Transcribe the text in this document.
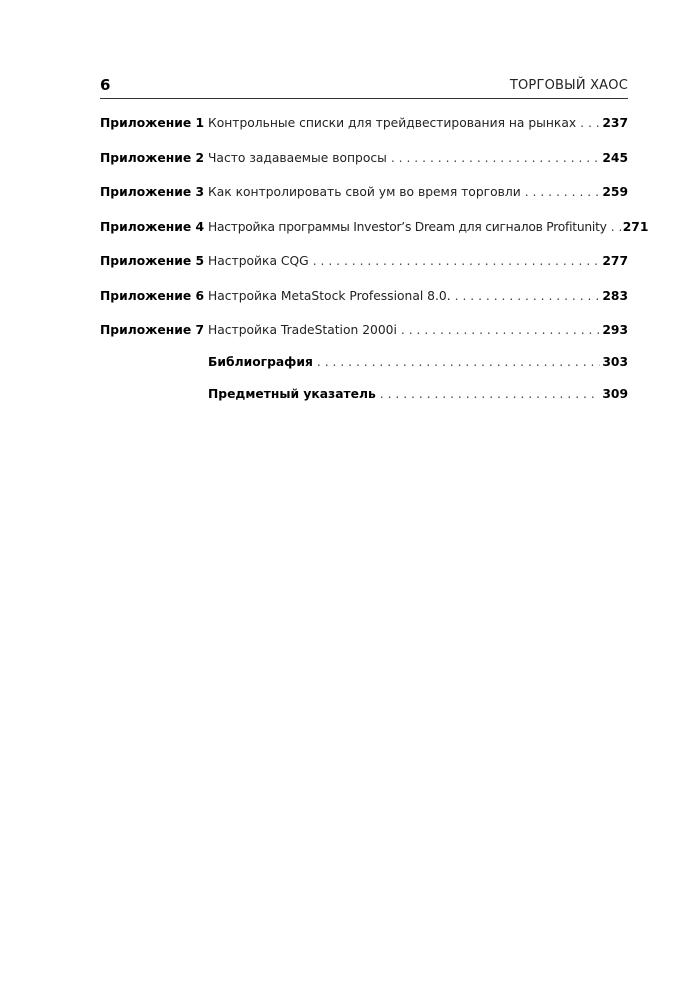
6	ТОРГОВЫЙ ХАОС
Приложение 1 Контрольные списки для трейдвестирования на рынках . . .	237
Приложение 2 Часто задаваемые вопросы . . .	245
Приложение 3 Как контролировать свой ум во время торговли . . .	259
Приложение 4 Настройка программы Investor’s Dream для сигналов Profitunity . . .	271
Приложение 5 Настройка CQG . . .	277
Приложение 6 Настройка MetaStock Professional 8.0. . . .	283
Приложение 7 Настройка TradeStation 2000i . . .	293
Библиография . . .	303
Предметный указатель . . .	309
